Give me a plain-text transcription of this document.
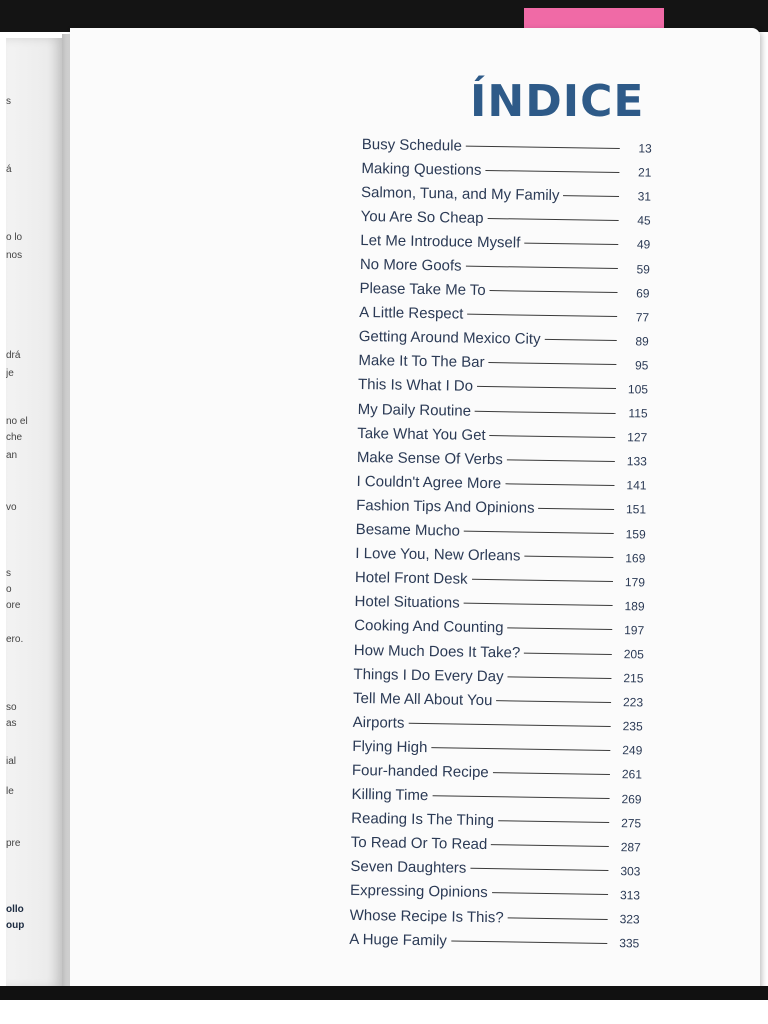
s
á
o lo
nos
drá
je
no el
che
an
vo
s
o
ore
ero.
so
as
ial
le
pre
ollo
oup
ÍNDICE
Busy Schedule	13
Making Questions	21
Salmon, Tuna, and My Family	31
You Are So Cheap	45
Let Me Introduce Myself	49
No More Goofs	59
Please Take Me To	69
A Little Respect	77
Getting Around Mexico City	89
Make It To The Bar	95
This Is What I Do	105
My Daily Routine	115
Take What You Get	127
Make Sense Of Verbs	133
I Couldn't Agree More	141
Fashion Tips And Opinions	151
Besame Mucho	159
I Love You, New Orleans	169
Hotel Front Desk	179
Hotel Situations	189
Cooking And Counting	197
How Much Does It Take?	205
Things I Do Every Day	215
Tell Me All About You	223
Airports	235
Flying High	249
Four-handed Recipe	261
Killing Time	269
Reading Is The Thing	275
To Read Or To Read	287
Seven Daughters	303
Expressing Opinions	313
Whose Recipe Is This?	323
A Huge Family	335
